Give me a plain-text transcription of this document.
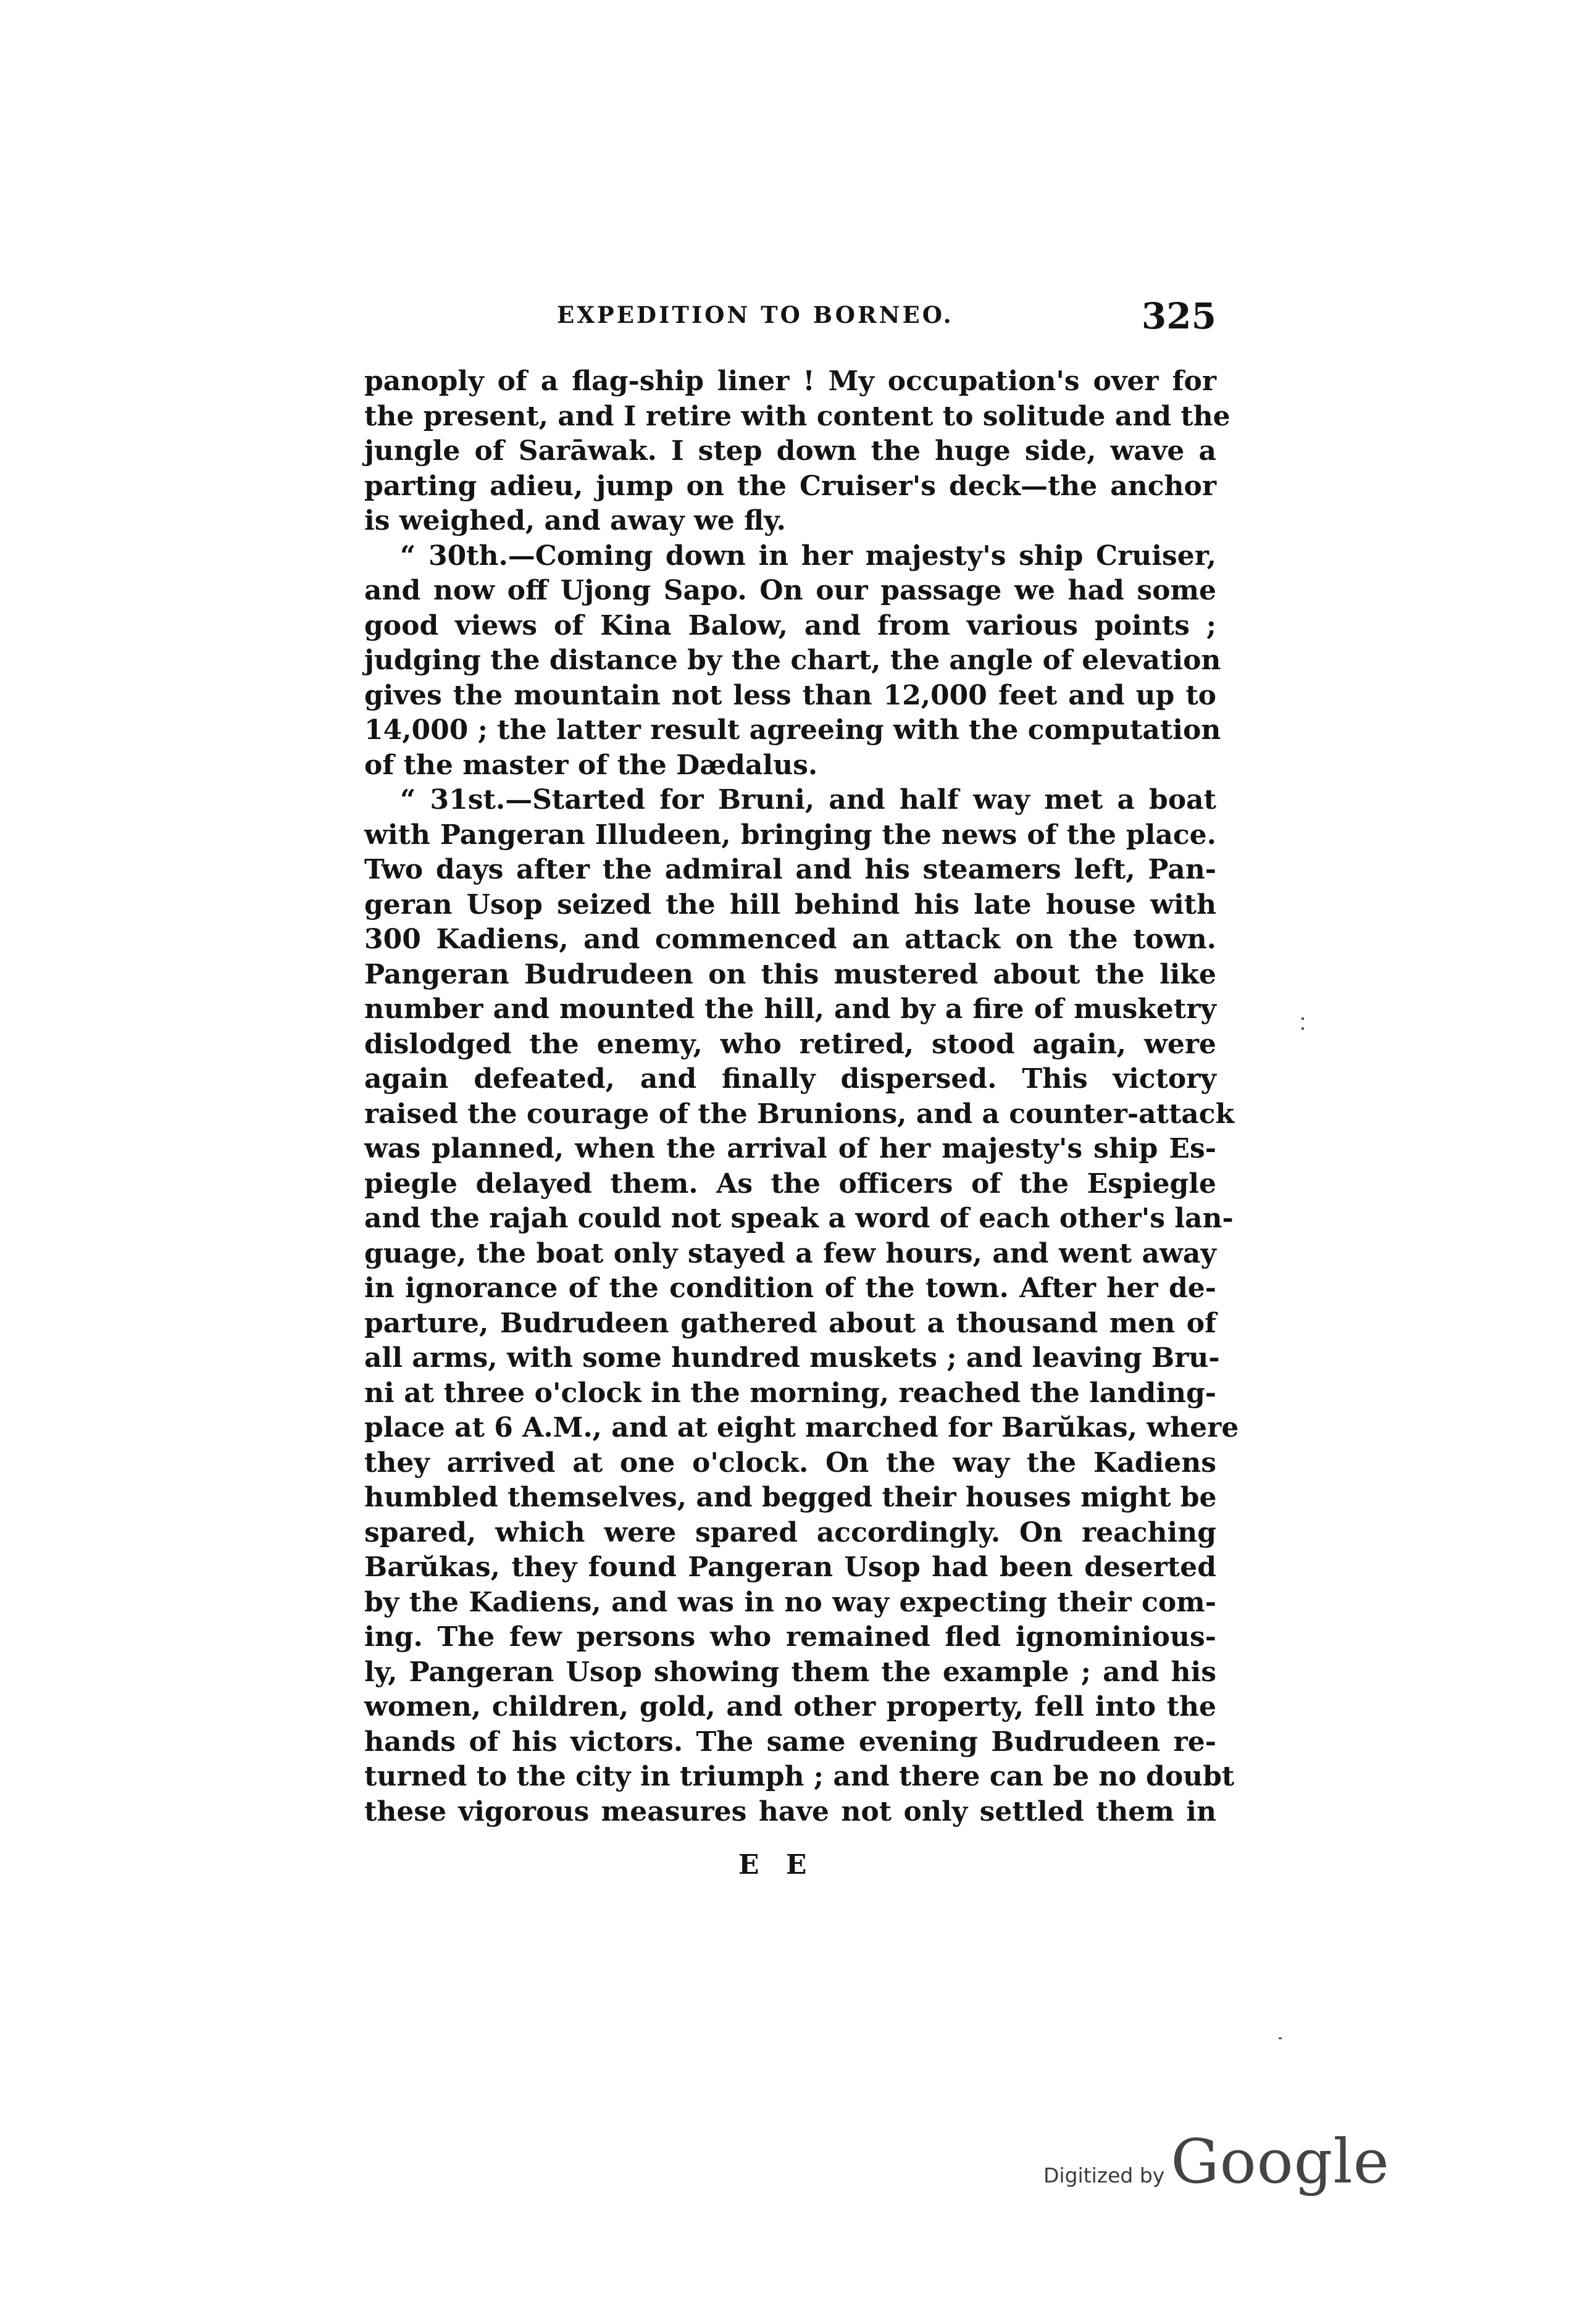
EXPEDITION TO BORNEO.	325
panoply of a flag-ship liner ! My occupation's over for
the present, and I retire with content to solitude and the
jungle of Sarāwak. I step down the huge side, wave a
parting adieu, jump on the Cruiser's deck—the anchor
is weighed, and away we fly.
“ 30th.—Coming down in her majesty's ship Cruiser,
and now off Ujong Sapo. On our passage we had some
good views of Kina Balow, and from various points ;
judging the distance by the chart, the angle of elevation
gives the mountain not less than 12,000 feet and up to
14,000 ; the latter result agreeing with the computation
of the master of the Dædalus.
“ 31st.—Started for Bruni, and half way met a boat
with Pangeran Illudeen, bringing the news of the place.
Two days after the admiral and his steamers left, Pan-
geran Usop seized the hill behind his late house with
300 Kadiens, and commenced an attack on the town.
Pangeran Budrudeen on this mustered about the like
number and mounted the hill, and by a fire of musketry
dislodged the enemy, who retired, stood again, were
again defeated, and finally dispersed. This victory
raised the courage of the Brunions, and a counter-attack
was planned, when the arrival of her majesty's ship Es-
piegle delayed them. As the officers of the Espiegle
and the rajah could not speak a word of each other's lan-
guage, the boat only stayed a few hours, and went away
in ignorance of the condition of the town. After her de-
parture, Budrudeen gathered about a thousand men of
all arms, with some hundred muskets ; and leaving Bru-
ni at three o'clock in the morning, reached the landing-
place at 6 A.M., and at eight marched for Barŭkas, where
they arrived at one o'clock. On the way the Kadiens
humbled themselves, and begged their houses might be
spared, which were spared accordingly. On reaching
Barŭkas, they found Pangeran Usop had been deserted
by the Kadiens, and was in no way expecting their com-
ing. The few persons who remained fled ignominious-
ly, Pangeran Usop showing them the example ; and his
women, children, gold, and other property, fell into the
hands of his victors. The same evening Budrudeen re-
turned to the city in triumph ; and there can be no doubt
these vigorous measures have not only settled them in
E E
Digitized by Google
